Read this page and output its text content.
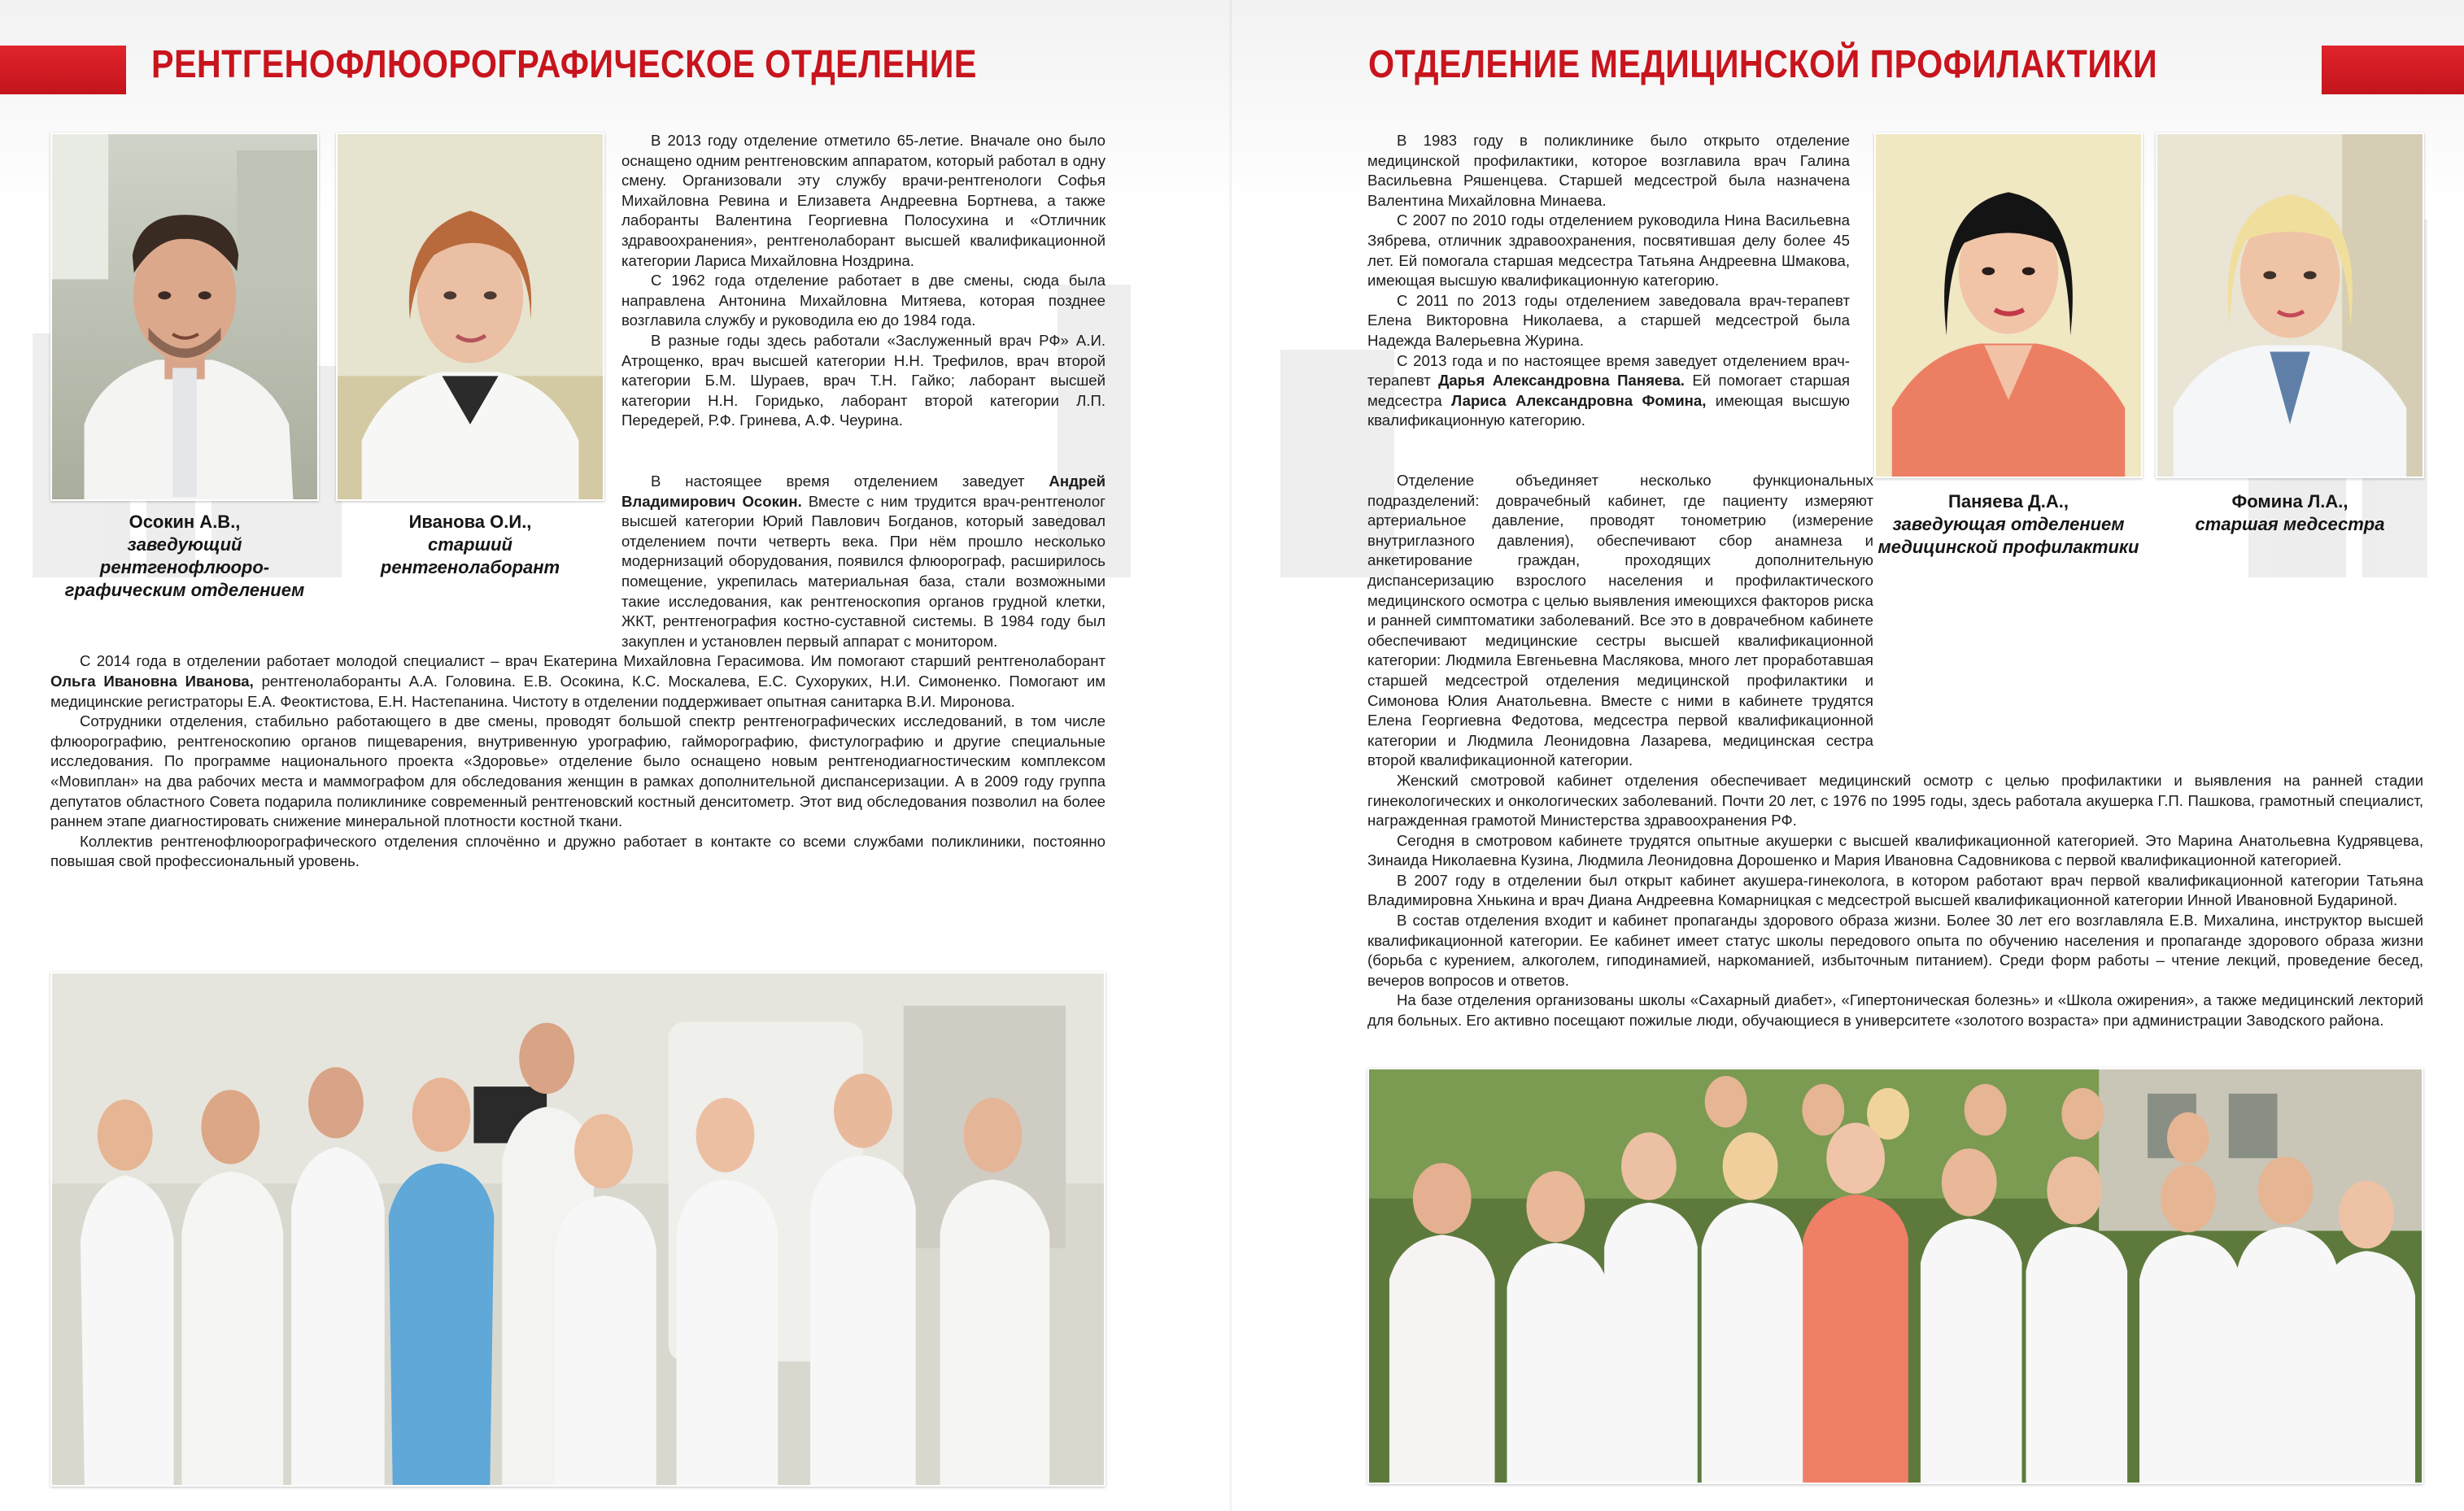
РЕНТГЕНОФЛЮОРОГРАФИЧЕСКОЕ ОТДЕЛЕНИЕ
Осокин А.В.,
заведующий рентгенофлюоро-графическим отделением
Иванова О.И.,
старший рентгенолаборант

В 2013 году отделение отметило 65-летие. Вначале оно было оснащено одним рентгеновским аппаратом, который работал в одну смену. Организовали эту службу врачи-рентгенологи Софья Михайловна Ревина и Елизавета Андреевна Бортнева, а также лаборанты Валентина Георгиевна Полосухина и «Отличник здравоохранения», рентгенолаборант высшей квалификационной категории Лариса Михайловна Ноздрина.

С 1962 года отделение работает в две смены, сюда была направлена Антонина Михайловна Митяева, которая позднее возглавила службу и руководила ею до 1984 года.

В разные годы здесь работали «Заслуженный врач РФ» А.И. Атрощенко, врач высшей категории Н.Н. Трефилов, врач второй категории Б.М. Шураев, врач Т.Н. Гайко; лаборант высшей категории Н.Н. Горидько, лаборант второй категории Л.П. Передерей, Р.Ф. Гринева, А.Ф. Чеурина.

В настоящее время отделением заведует Андрей Владимирович Осокин. Вместе с ним трудится врач-рентгенолог высшей категории Юрий Павлович Богданов, который заведовал отделением почти четверть века. При нём прошло несколько модернизаций оборудования, появился флюорограф, расширилось помещение, укрепилась материальная база, стали возможными такие исследования, как рентгеноскопия органов грудной клетки, ЖКТ, рентгенография костно-суставной системы. В 1984 году был закуплен и установлен первый аппарат с монитором.

С 2014 года в отделении работает молодой специалист – врач Екатерина Михайловна Герасимова. Им помогают старший рентгенолаборант Ольга Ивановна Иванова, рентгенолаборанты А.А. Головина. Е.В. Осокина, К.С. Москалева, Е.С. Сухоруких, Н.И. Симоненко. Помогают им медицинские регистраторы Е.А. Феоктистова, Е.Н. Настепанина. Чистоту в отделении поддерживает опытная санитарка В.И. Миронова.

Сотрудники отделения, стабильно работающего в две смены, проводят большой спектр рентгенографических исследований, в том числе флюорографию, рентгеноскопию органов пищеварения, внутривенную урографию, гайморографию, фистулографию и другие специальные исследования. По программе национального проекта «Здоровье» отделение было оснащено новым рентгенодиагностическим комплексом «Мовиплан» на два рабочих места и маммографом для обследования женщин в рамках дополнительной диспансеризации. А в 2009 году группа депутатов областного Совета подарила поликлинике современный рентгеновский костный денситометр. Этот вид обследования позволил на более раннем этапе диагностировать снижение минеральной плотности костной ткани.

Коллектив рентгенофлюорографического отделения сплочённо и дружно работает в контакте со всеми службами поликлиники, постоянно повышая свой профессиональный уровень.

ОТДЕЛЕНИЕ МЕДИЦИНСКОЙ ПРОФИЛАКТИКИ

В 1983 году в поликлинике было открыто отделение медицинской профилактики, которое возглавила врач Галина Васильевна Ряшенцева. Старшей медсестрой была назначена Валентина Михайловна Минаева.

С 2007 по 2010 годы отделением руководила Нина Васильевна Зябрева, отличник здравоохранения, посвятившая делу более 45 лет. Ей помогала старшая медсестра Татьяна Андреевна Шмакова, имеющая высшую квалификационную категорию.

С 2011 по 2013 годы отделением заведовала врач-терапевт Елена Викторовна Николаева, а старшей медсестрой была Надежда Валерьевна Журина.

С 2013 года и по настоящее время заведует отделением врач-терапевт Дарья Александровна Паняева. Ей помогает старшая медсестра Лариса Александровна Фомина, имеющая высшую квалификационную категорию.

Паняева Д.А.,
заведующая отделением медицинской профилактики
Фомина Л.А.,
старшая медсестра

Отделение объединяет несколько функциональных подразделений: доврачебный кабинет, где пациенту измеряют артериальное давление, проводят тонометрию (измерение внутриглазного давления), обеспечивают сбор анамнеза и анкетирование граждан, проходящих дополнительную диспансеризацию взрослого населения и профилактического медицинского осмотра с целью выявления имеющихся факторов риска и ранней симптоматики заболеваний. Все это в доврачебном кабинете обеспечивают медицинские сестры высшей квалификационной категории: Людмила Евгеньевна Маслякова, много лет проработавшая старшей медсестрой отделения медицинской профилактики и Симонова Юлия Анатольевна. Вместе с ними в кабинете трудятся Елена Георгиевна Федотова, медсестра первой квалификационной категории и Людмила Леонидовна Лазарева, медицинская сестра второй квалификационной категории.

Женский смотровой кабинет отделения обеспечивает медицинский осмотр с целью профилактики и выявления на ранней стадии гинекологических и онкологических заболеваний. Почти 20 лет, с 1976 по 1995 годы, здесь работала акушерка Г.П. Пашкова, грамотный специалист, награжденная грамотой Министерства здравоохранения РФ.

Сегодня в смотровом кабинете трудятся опытные акушерки с высшей квалификационной категорией. Это Марина Анатольевна Кудрявцева, Зинаида Николаевна Кузина, Людмила Леонидовна Дорошенко и Мария Ивановна Садовникова с первой квалификационной категорией.

В 2007 году в отделении был открыт кабинет акушера-гинеколога, в котором работают врач первой квалификационной категории Татьяна Владимировна Хнькина и врач Диана Андреевна Комарницкая с медсестрой высшей квалификационной категории Инной Ивановной Будариной.

В состав отделения входит и кабинет пропаганды здорового образа жизни. Более 30 лет его возглавляла Е.В. Михалина, инструктор высшей квалификационной категории. Ее кабинет имеет статус школы передового опыта по обучению населения и пропаганде здорового образа жизни (борьба с курением, алкоголем, гиподинамией, наркоманией, избыточным питанием). Среди форм работы – чтение лекций, проведение бесед, вечеров вопросов и ответов.

На базе отделения организованы школы «Сахарный диабет», «Гипертоническая болезнь» и «Школа ожирения», а также медицинский лекторий для больных. Его активно посещают пожилые люди, обучающиеся в университете «золотого возраста» при администрации Заводского района.
